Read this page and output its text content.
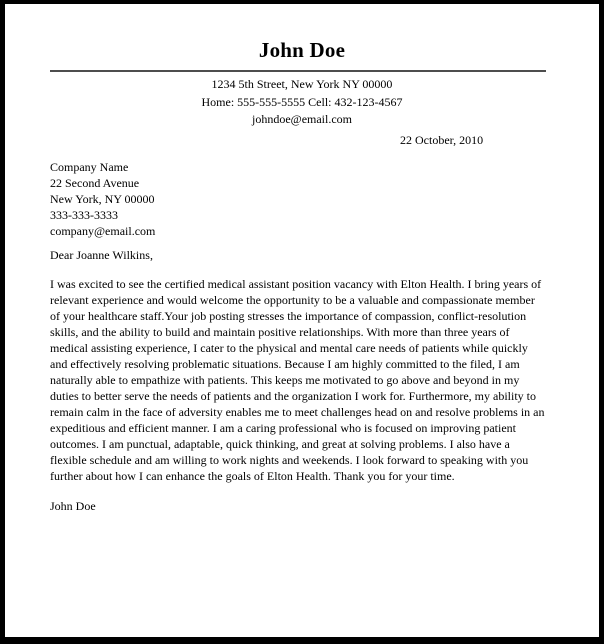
John Doe
1234 5th Street, New York NY 00000
Home: 555-555-5555 Cell: 432-123-4567
johndoe@email.com
22 October, 2010
Company Name
22 Second Avenue
New York, NY 00000
333-333-3333
company@email.com
Dear Joanne Wilkins,

I was excited to see the certified medical assistant position vacancy with Elton Health. I bring years of relevant experience and would welcome the opportunity to be a valuable and compassionate member of your healthcare staff.Your job posting stresses the importance of compassion, conflict-resolution skills, and the ability to build and maintain positive relationships. With more than three years of medical assisting experience, I cater to the physical and mental care needs of patients while quickly and effectively resolving problematic situations. Because I am highly committed to the filed, I am naturally able to empathize with patients. This keeps me motivated to go above and beyond in my duties to better serve the needs of patients and the organization I work for. Furthermore, my ability to remain calm in the face of adversity enables me to meet challenges head on and resolve problems in an expeditious and efficient manner. I am a caring professional who is focused on improving patient outcomes. I am punctual, adaptable, quick thinking, and great at solving problems. I also have a flexible schedule and am willing to work nights and weekends. I look forward to speaking with you further about how I can enhance the goals of Elton Health. Thank you for your time.

John Doe
